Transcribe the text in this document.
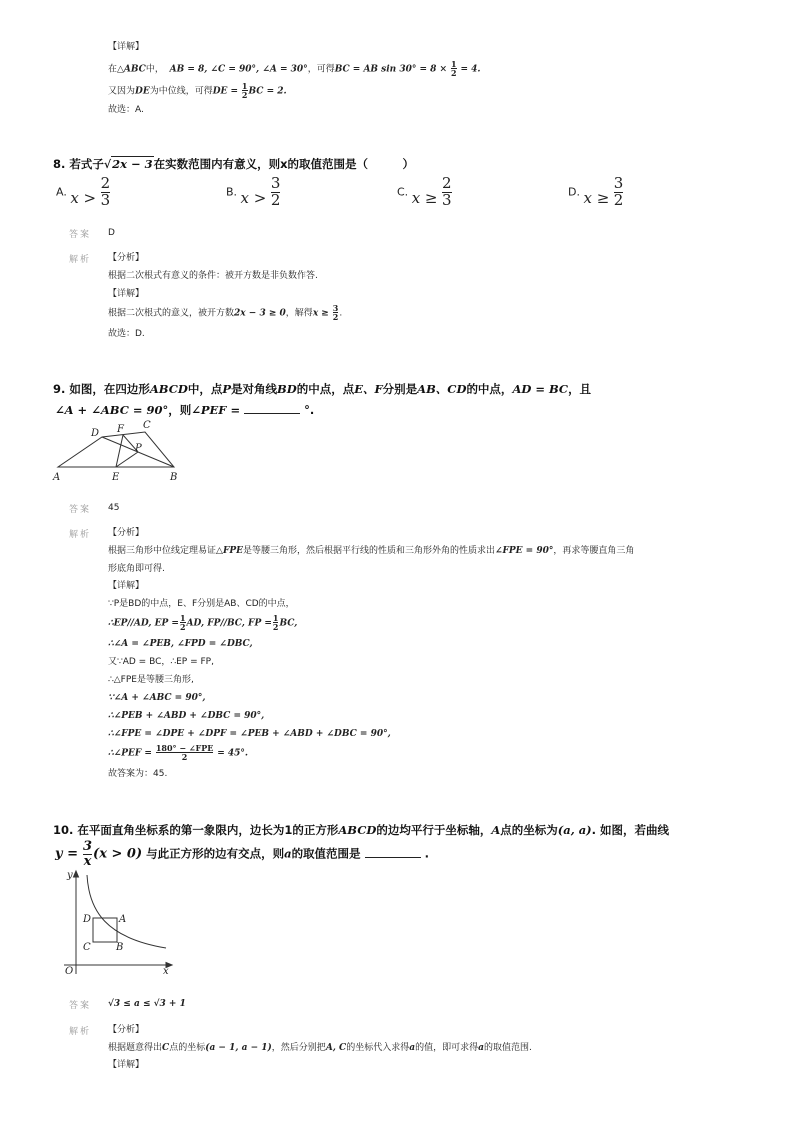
【详解】
在△ABC中， AB = 8, ∠C = 90°, ∠A = 30°，可得BC = AB $\sin 30^\circ = 8 \times \frac{1}{2} = 4$.
又因为DE为中位线，可得DE = $\frac{1}{2}$ BC = 2.
故选：A.
8. 若式子√2x − 3在实数范围内有意义，则x的取值范围是（　　　）
A. $x > \frac{2}{3}$	B. $x > \frac{3}{2}$	C. $x \ge \frac{2}{3}$	D. $x \ge \frac{3}{2}$
答案 D
解析 【分析】
根据二次根式有意义的条件：被开方数是非负数作答.
【详解】
根据二次根式的意义，被开方数2x − 3 ≥ 0，解得$x \ge \frac{3}{2}$ .
故选：D.
9. 如图，在四边形ABCD中，点P是对角线BD的中点，点E、F分别是AB、CD的中点，AD = BC，且
∠A + ∠ABC = 90°，则∠PEF =	°.
A	B
C
D
E
F
P
答案 45
解析 【分析】
根据三角形中位线定理易证△FPE是等腰三角形，然后根据平行线的性质和三角形外角的性质求出∠FPE = 90°，再求等腰直角三角
形底角即可得.
【详解】
∵P是BD的中点，E、F分别是AB、CD的中点，
∴EP//AD, EP = $\frac{1}{2}$ AD, FP//BC, FP = $\frac{1}{2}$ BC,
∴∠A = ∠PEB, ∠FPD = ∠DBC,
又∵AD = BC，∴EP = FP,
∴△FPE是等腰三角形,
∵∠A + ∠ABC = 90°,
∴∠PEB + ∠ABD + ∠DBC = 90°,
∴∠FPE = ∠DPE + ∠DPF = ∠PEB + ∠ABD + ∠DBC = 90°,
∴∠PEF = $\frac{\text{180° − ∠FPE}}{2} = 45^\circ$.
故答案为：45.
10. 在平面直角坐标系的第一象限内，边长为1的正方形ABCD的边均平行于坐标轴，A点的坐标为(a, a). 如图，若曲线
$y = \frac{3}{x} (x > 0)$ 与此正方形的边有交点，则a的取值范围是	.
y
x
O
A
B
C
D
答案 √3 ≤ a ≤ √3 + 1
解析 【分析】
根据题意得出C点的坐标(a − 1, a − 1)，然后分别把A, C的坐标代入求得a的值，即可求得a的取值范围.
【详解】
